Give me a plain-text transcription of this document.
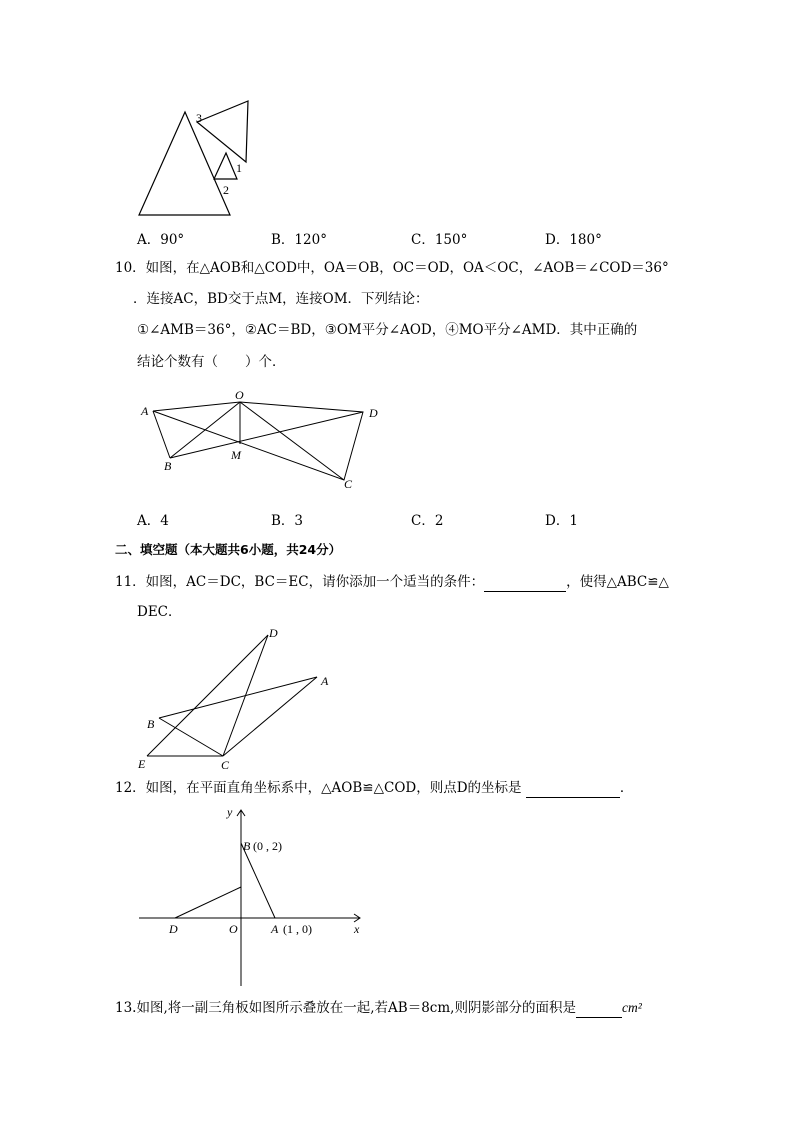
3
1
2
A．90°	B．120°	C．150°	D．180°
10．如图，在△AOB和△COD中，OA＝OB，OC＝OD，OA＜OC，∠AOB＝∠COD＝36°
．连接AC，BD交于点M，连接OM．下列结论：
①∠AMB＝36°，②AC＝BD，③OM平分∠AOD，④MO平分∠AMD．其中正确的
结论个数有（　　）个．
O
A	D
B
M
C
A．4	B．3	C．2	D．1
二、填空题（本大题共6小题，共24分）
11．如图，AC＝DC，BC＝EC，请你添加一个适当的条件：	，使得△ABC≌△
DEC．
D
A
B
E	C
12．如图，在平面直角坐标系中，△AOB≌△COD，则点D的坐标是	．
y
x
B (0 , 2)
D	O	A (1 , 0)
13.如图,将一副三角板如图所示叠放在一起,若AB＝8cm,则阴影部分的面积是	cm²
